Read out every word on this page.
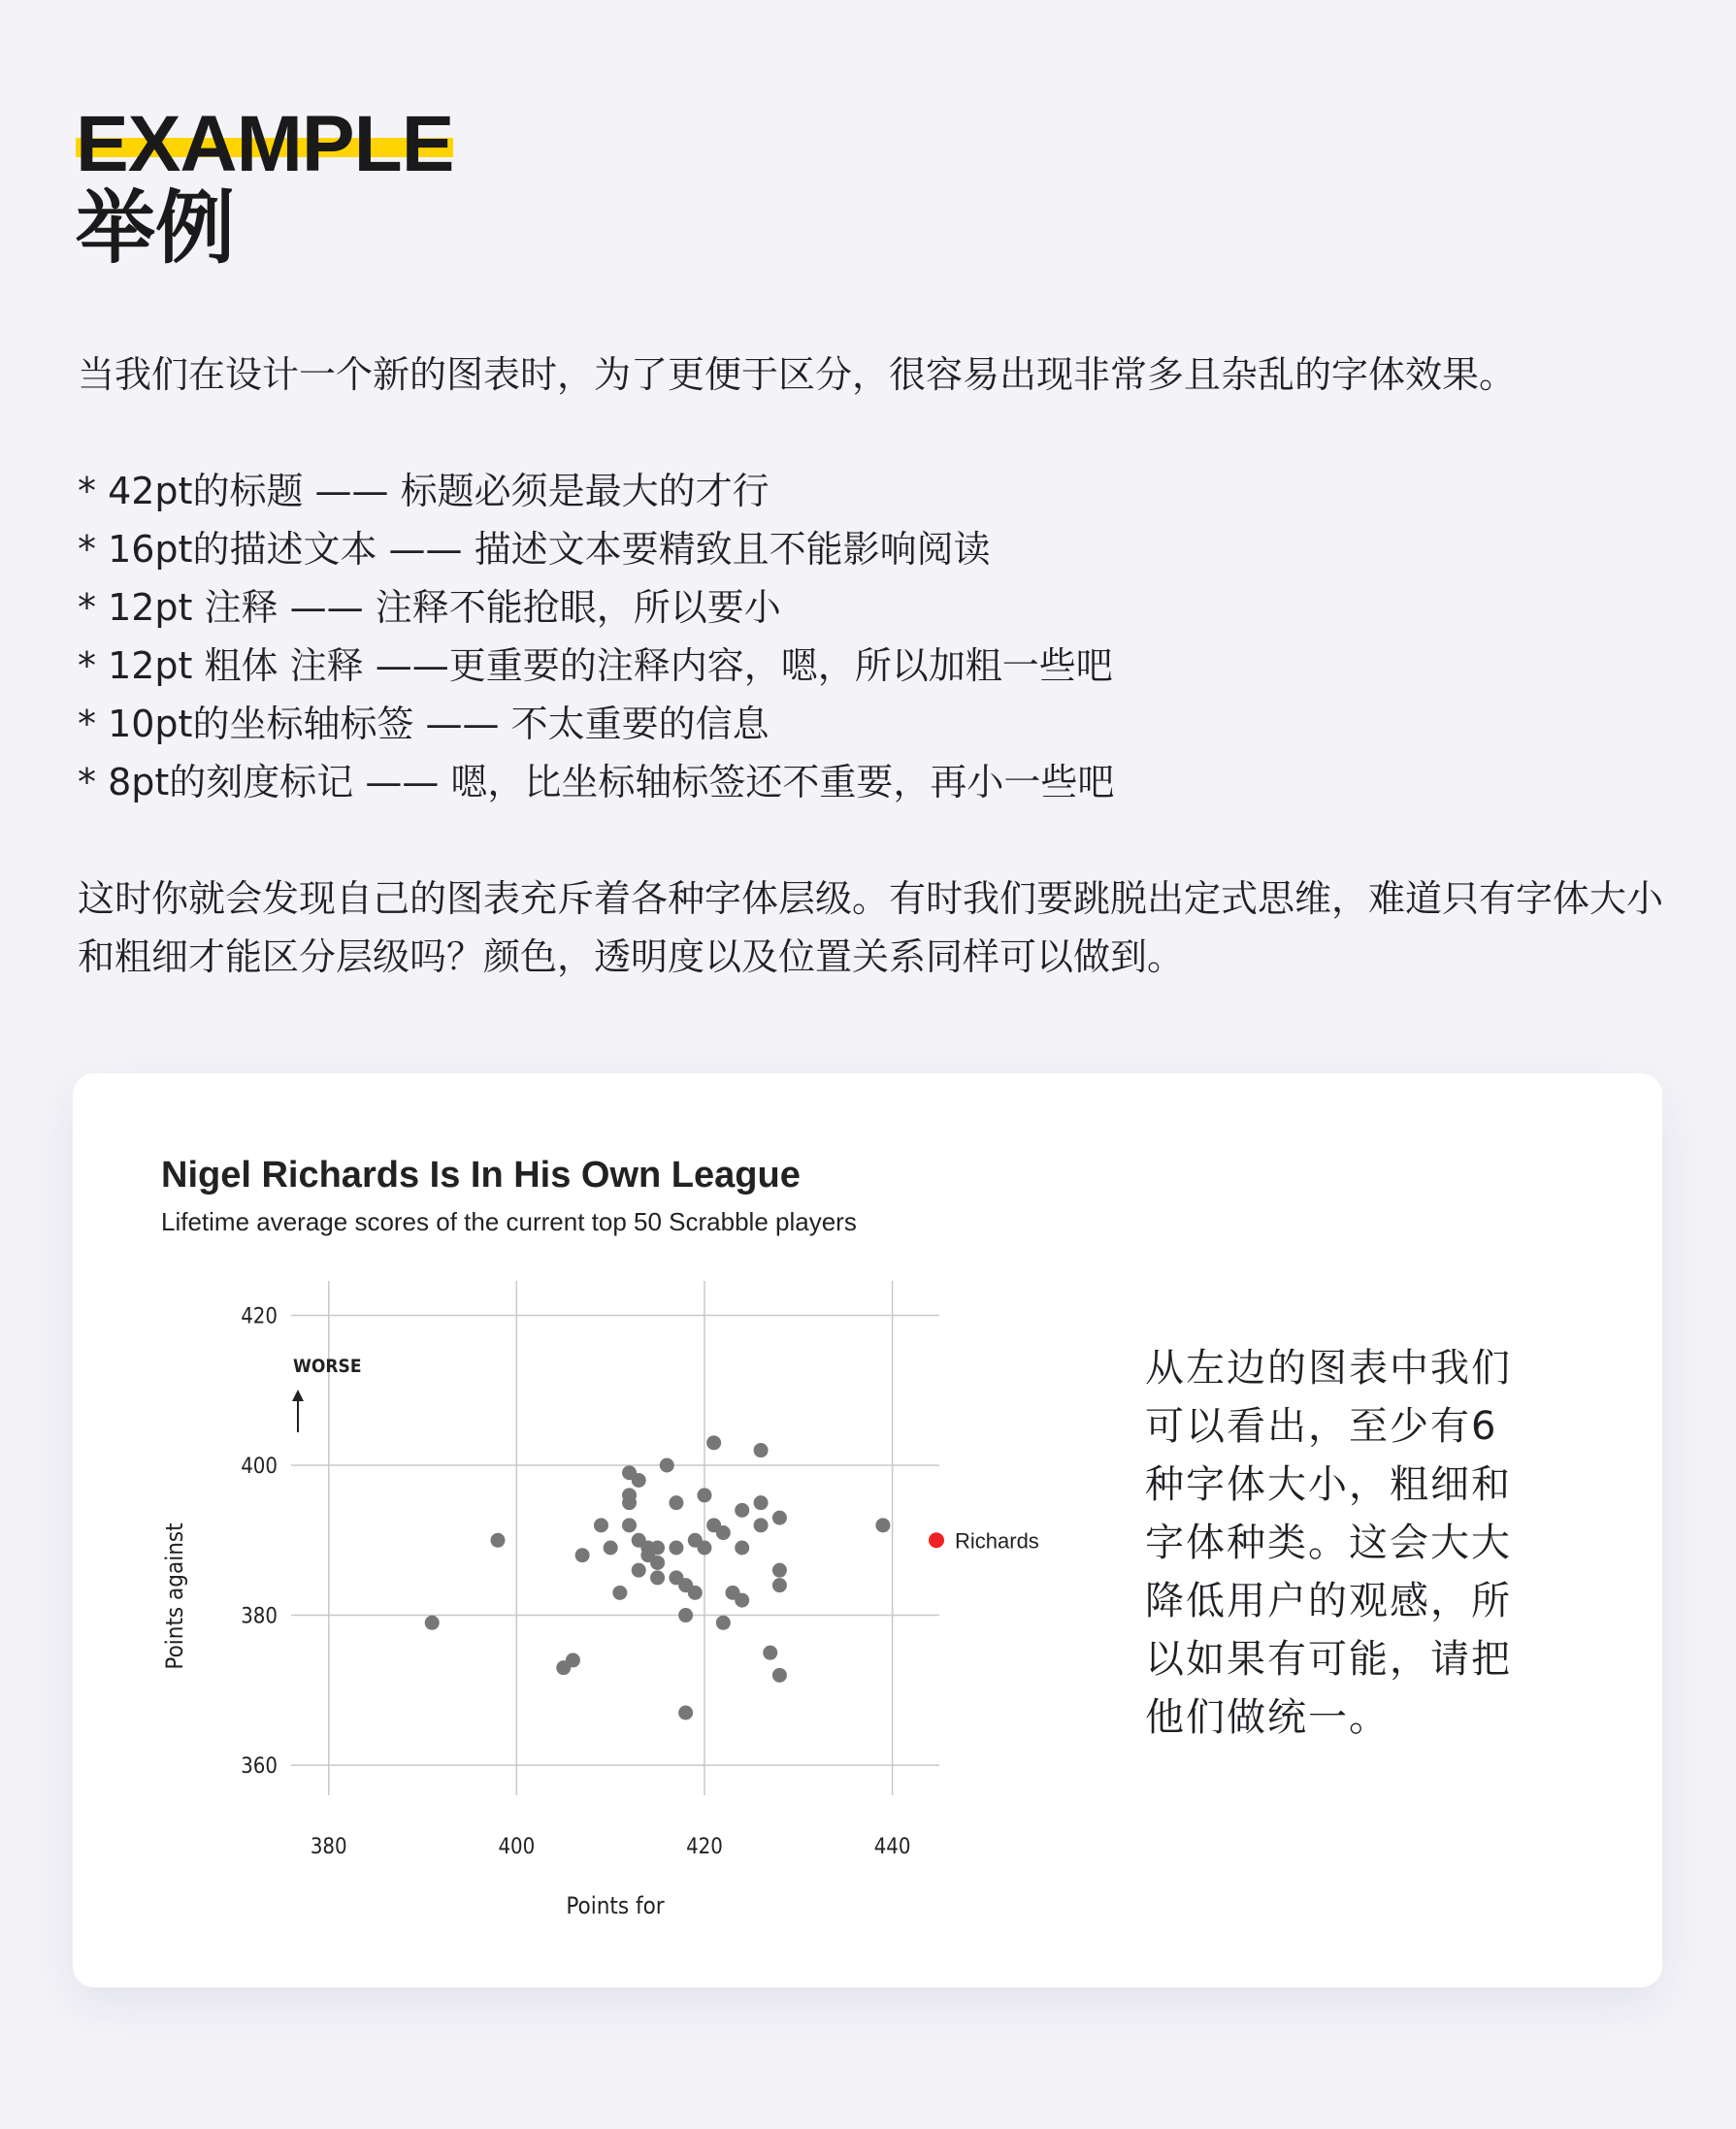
EXAMPLE
举例

当我们在设计一个新的图表时，为了更便于区分，很容易出现非常多且杂乱的字体效果。

* 42pt的标题 —— 标题必须是最大的才行
* 16pt的描述文本 —— 描述文本要精致且不能影响阅读
* 12pt 注释 —— 注释不能抢眼，所以要小
* 12pt 粗体 注释 ——更重要的注释内容，嗯，所以加粗一些吧
* 10pt的坐标轴标签 —— 不太重要的信息
* 8pt的刻度标记 —— 嗯，比坐标轴标签还不重要，再小一些吧

这时你就会发现自己的图表充斥着各种字体层级。有时我们要跳脱出定式思维，难道只有字体大小和粗细才能区分层级吗？颜色，透明度以及位置关系同样可以做到。

Nigel Richards Is In His Own League
Lifetime average scores of the current top 50 Scrabble players
360
380
400
420
380	400	420	440
Points for
Points against
WORSE
Richards
从左边的图表中我们可以看出，至少有6种字体大小，粗细和字体种类。这会大大降低用户的观感，所以如果有可能，请把他们做统一。
